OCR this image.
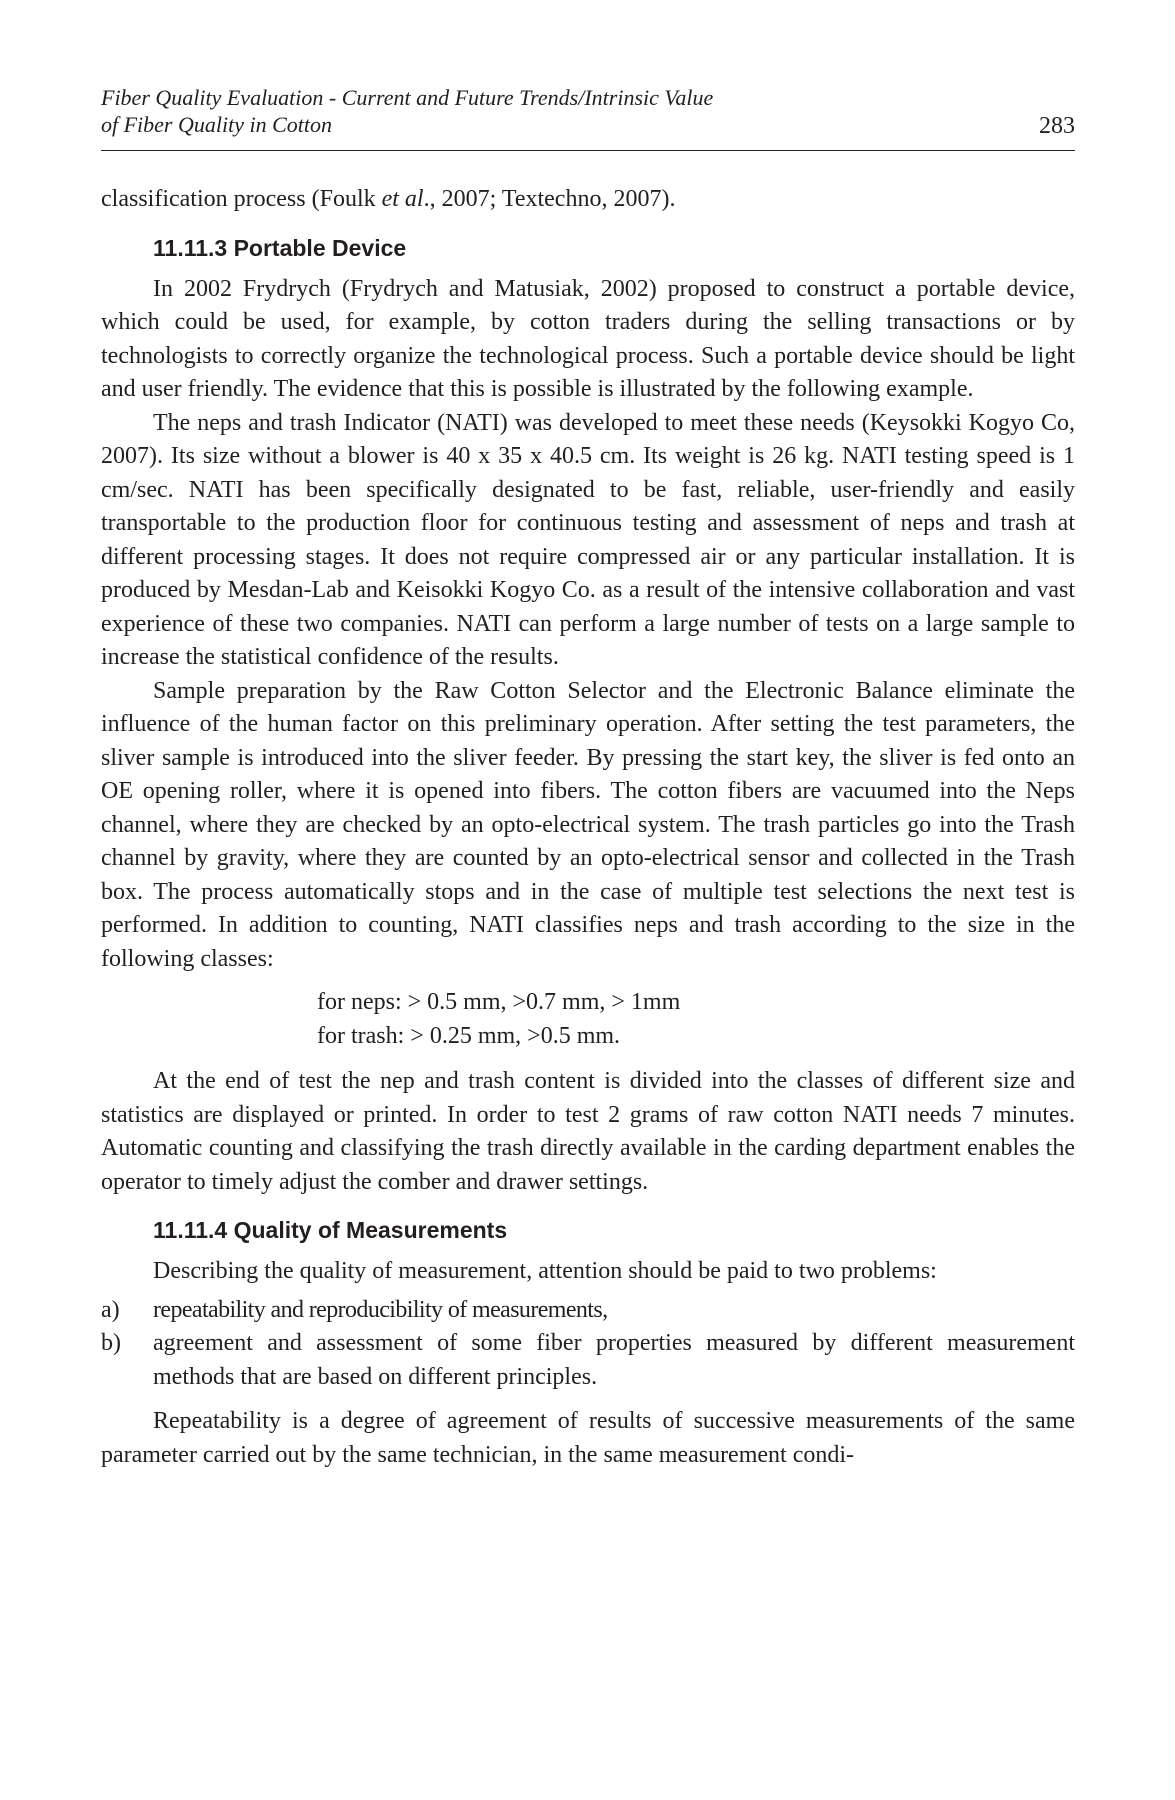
Fiber Quality Evaluation - Current and Future Trends/Intrinsic Value
of Fiber Quality in Cotton	283

classification process (Foulk et al., 2007; Textechno, 2007).

11.11.3 Portable Device

In 2002 Frydrych (Frydrych and Matusiak, 2002) proposed to construct a portable device, which could be used, for example, by cotton traders during the selling transactions or by technologists to correctly organize the technological process. Such a portable device should be light and user friendly. The evidence that this is possible is illustrated by the following example.

The neps and trash Indicator (NATI) was developed to meet these needs (Keysokki Kogyo Co, 2007). Its size without a blower is 40 x 35 x 40.5 cm. Its weight is 26 kg. NATI testing speed is 1 cm/sec. NATI has been specifically designated to be fast, reliable, user-friendly and easily transportable to the production floor for continuous testing and assessment of neps and trash at different processing stages. It does not require compressed air or any particular installation. It is produced by Mesdan-Lab and Keisokki Kogyo Co. as a result of the intensive collaboration and vast experience of these two companies. NATI can perform a large number of tests on a large sample to increase the statistical confidence of the results.

Sample preparation by the Raw Cotton Selector and the Electronic Balance eliminate the influence of the human factor on this preliminary operation. After setting the test parameters, the sliver sample is introduced into the sliver feeder. By pressing the start key, the sliver is fed onto an OE opening roller, where it is opened into fibers. The cotton fibers are vacuumed into the Neps channel, where they are checked by an opto-electrical system. The trash particles go into the Trash channel by gravity, where they are counted by an opto-electrical sensor and collected in the Trash box. The process automatically stops and in the case of multiple test selections the next test is performed. In addition to counting, NATI classifies neps and trash according to the size in the following classes:

for neps: > 0.5 mm, >0.7 mm, > 1mm
for trash: > 0.25 mm, >0.5 mm.

At the end of test the nep and trash content is divided into the classes of different size and statistics are displayed or printed. In order to test 2 grams of raw cotton NATI needs 7 minutes. Automatic counting and classifying the trash directly available in the carding department enables the operator to timely adjust the comber and drawer settings.

11.11.4 Quality of Measurements

Describing the quality of measurement, attention should be paid to two problems:

a) repeatability and reproducibility of measurements,
b) agreement and assessment of some fiber properties measured by different measurement methods that are based on different principles.

Repeatability is a degree of agreement of results of successive measurements of the same parameter carried out by the same technician, in the same measurement condi-
